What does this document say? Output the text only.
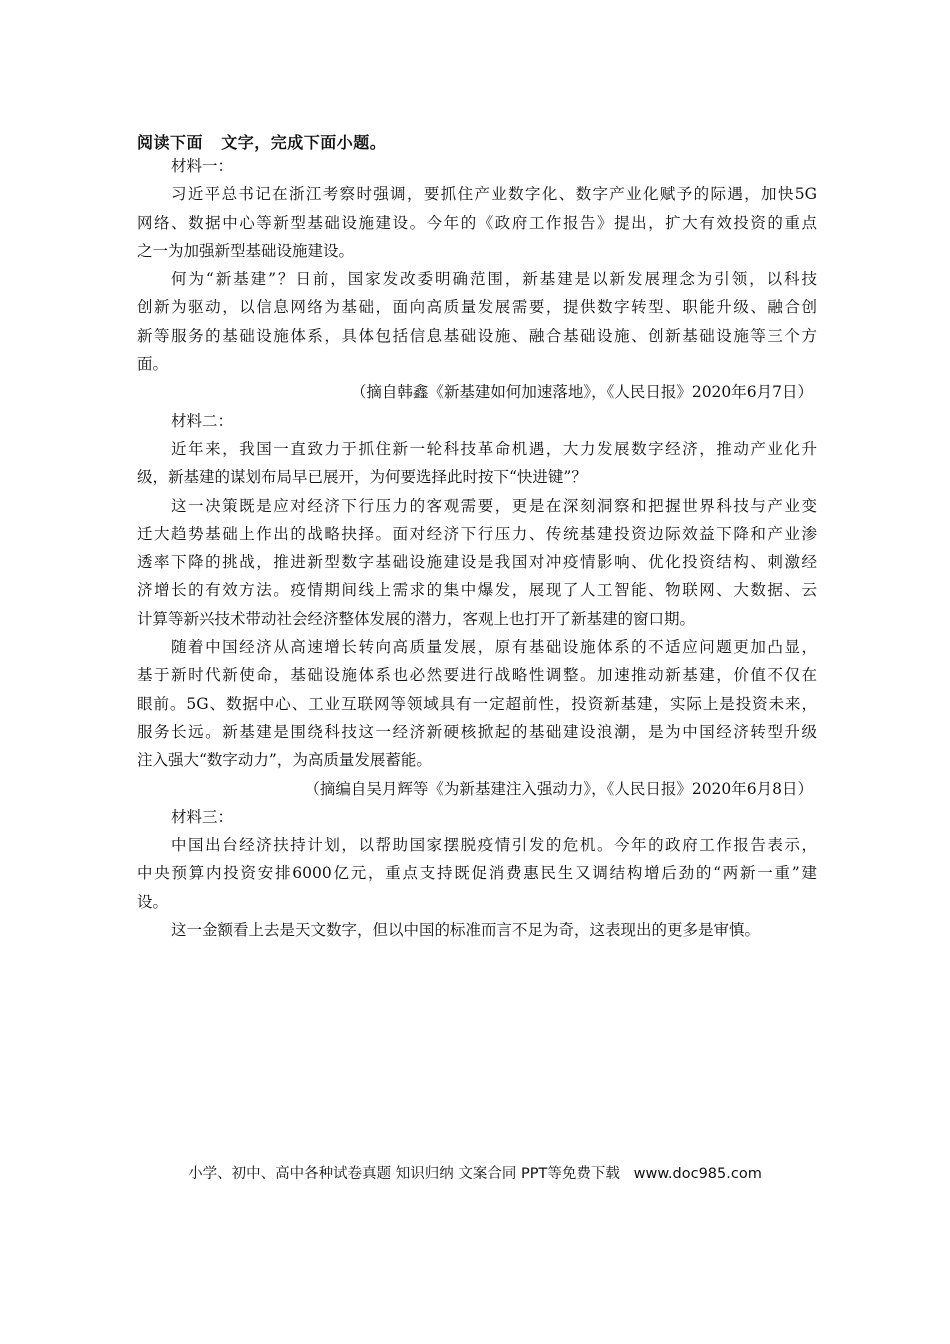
阅读下面   文字，完成下面小题。
材料一：
习近平总书记在浙江考察时强调，要抓住产业数字化、数字产业化赋予的际遇，加快5G
网络、数据中心等新型基础设施建设。今年的《政府工作报告》提出，扩大有效投资的重点
之一为加强新型基础设施建设。
何为“新基建”？日前，国家发改委明确范围，新基建是以新发展理念为引领，以科技
创新为驱动，以信息网络为基础，面向高质量发展需要，提供数字转型、职能升级、融合创
新等服务的基础设施体系，具体包括信息基础设施、融合基础设施、创新基础设施等三个方
面。
（摘自韩鑫《新基建如何加速落地》，《人民日报》2020年6月7日）
材料二：
近年来，我国一直致力于抓住新一轮科技革命机遇，大力发展数字经济，推动产业化升
级，新基建的谋划布局早已展开，为何要选择此时按下“快进键”？
这一决策既是应对经济下行压力的客观需要，更是在深刻洞察和把握世界科技与产业变
迁大趋势基础上作出的战略抉择。面对经济下行压力、传统基建投资边际效益下降和产业渗
透率下降的挑战，推进新型数字基础设施建设是我国对冲疫情影响、优化投资结构、刺激经
济增长的有效方法。疫情期间线上需求的集中爆发，展现了人工智能、物联网、大数据、云
计算等新兴技术带动社会经济整体发展的潜力，客观上也打开了新基建的窗口期。
随着中国经济从高速增长转向高质量发展，原有基础设施体系的不适应问题更加凸显，
基于新时代新使命，基础设施体系也必然要进行战略性调整。加速推动新基建，价值不仅在
眼前。5G、数据中心、工业互联网等领域具有一定超前性，投资新基建，实际上是投资未来，
服务长远。新基建是围绕科技这一经济新硬核掀起的基础建设浪潮，是为中国经济转型升级
注入强大“数字动力”，为高质量发展蓄能。
（摘编自吴月辉等《为新基建注入强动力》，《人民日报》2020年6月8日）
材料三：
中国出台经济扶持计划，以帮助国家摆脱疫情引发的危机。今年的政府工作报告表示，
中央预算内投资安排6000亿元，重点支持既促消费惠民生又调结构增后劲的“两新一重”建
设。
这一金额看上去是天文数字，但以中国的标准而言不足为奇，这表现出的更多是审慎。
小学、初中、高中各种试卷真题 知识归纳 文案合同 PPT等免费下载   www.doc985.com
